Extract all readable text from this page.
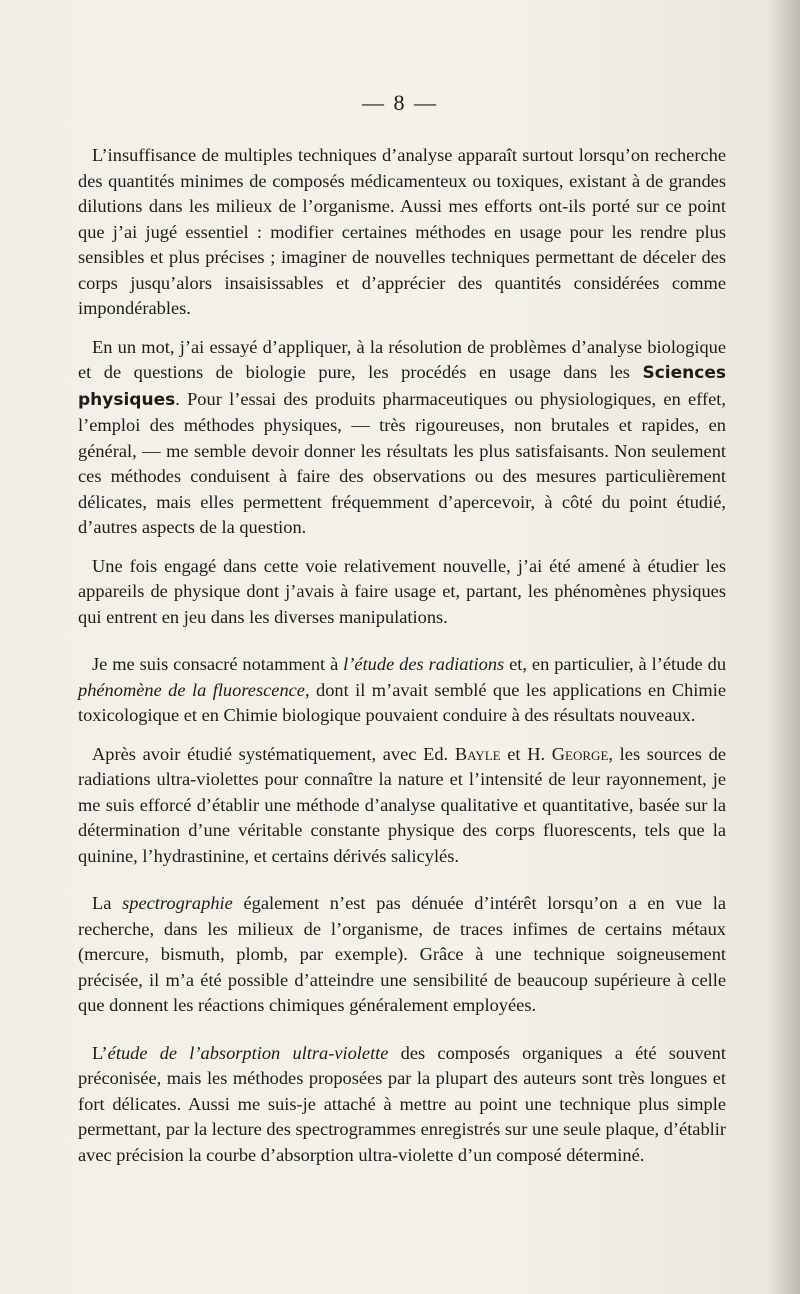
— 8 —

L’insuffisance de multiples techniques d’analyse apparaît surtout lorsqu’on recherche des quantités minimes de composés médicamenteux ou toxiques, existant à de grandes dilutions dans les milieux de l’organisme. Aussi mes efforts ont-ils porté sur ce point que j’ai jugé essentiel : modifier certaines méthodes en usage pour les rendre plus sensibles et plus précises ; imaginer de nouvelles techniques permettant de déceler des corps jusqu’alors insaisissables et d’apprécier des quantités considérées comme impondérables.

En un mot, j’ai essayé d’appliquer, à la résolution de problèmes d’analyse biologique et de questions de biologie pure, les procédés en usage dans les Sciences physiques. Pour l’essai des produits pharmaceutiques ou physiologiques, en effet, l’emploi des méthodes physiques, — très rigoureuses, non brutales et rapides, en général, — me semble devoir donner les résultats les plus satisfaisants. Non seulement ces méthodes conduisent à faire des observations ou des mesures particulièrement délicates, mais elles permettent fréquemment d’apercevoir, à côté du point étudié, d’autres aspects de la question.

Une fois engagé dans cette voie relativement nouvelle, j’ai été amené à étudier les appareils de physique dont j’avais à faire usage et, partant, les phénomènes physiques qui entrent en jeu dans les diverses manipulations.

Je me suis consacré notamment à l’étude des radiations et, en particulier, à l’étude du phénomène de la fluorescence, dont il m’avait semblé que les applications en Chimie toxicologique et en Chimie biologique pouvaient conduire à des résultats nouveaux.

Après avoir étudié systématiquement, avec Ed. Bayle et H. George, les sources de radiations ultra-violettes pour connaître la nature et l’intensité de leur rayonnement, je me suis efforcé d’établir une méthode d’analyse qualitative et quantitative, basée sur la détermination d’une véritable constante physique des corps fluorescents, tels que la quinine, l’hydrastinine, et certains dérivés salicylés.

La spectrographie également n’est pas dénuée d’intérêt lorsqu’on a en vue la recherche, dans les milieux de l’organisme, de traces infimes de certains métaux (mercure, bismuth, plomb, par exemple). Grâce à une technique soigneusement précisée, il m’a été possible d’atteindre une sensibilité de beaucoup supérieure à celle que donnent les réactions chimiques généralement employées.

L’étude de l’absorption ultra-violette des composés organiques a été souvent préconisée, mais les méthodes proposées par la plupart des auteurs sont très longues et fort délicates. Aussi me suis-je attaché à mettre au point une technique plus simple permettant, par la lecture des spectrogrammes enregistrés sur une seule plaque, d’établir avec précision la courbe d’absorption ultra-violette d’un composé déterminé.
